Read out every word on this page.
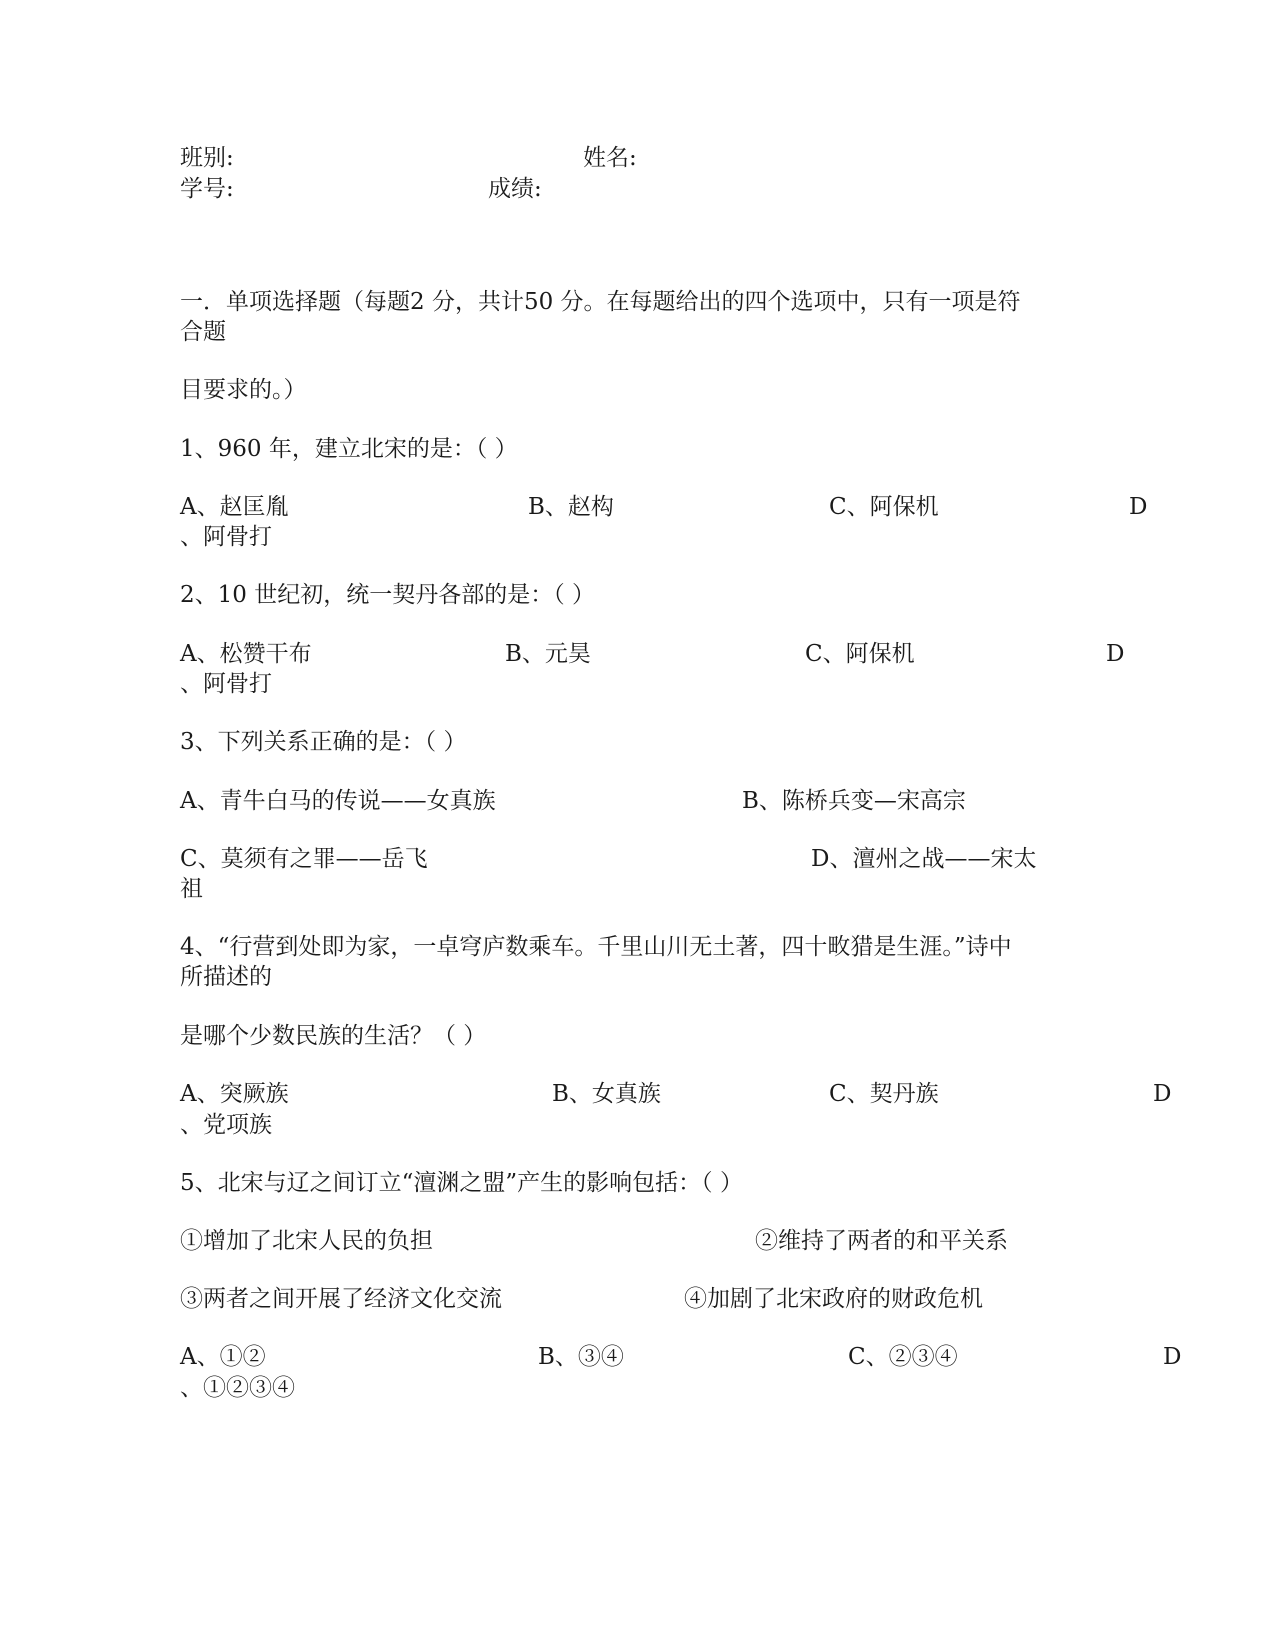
班别:	姓名:
学号:	成绩:
一．单项选择题（每题2 分，共计50 分。在每题给出的四个选项中，只有一项是符
合题
目要求的。）
1、960 年，建立北宋的是：（ ）
A、赵匡胤	B、赵构	C、阿保机	D
、阿骨打
2、10 世纪初，统一契丹各部的是：（ ）
A、松赞干布	B、元昊	C、阿保机	D
、阿骨打
3、下列关系正确的是：（ ）
A、青牛白马的传说——女真族	B、陈桥兵变—宋高宗
C、莫须有之罪——岳飞	D、澶州之战——宋太
祖
4、“行营到处即为家，一卓穹庐数乘车。千里山川无土著，四十畋猎是生涯。”诗中
所描述的
是哪个少数民族的生活？（ ）
A、突厥族	B、女真族	C、契丹族	D
、党项族
5、北宋与辽之间订立“澶渊之盟”产生的影响包括：（ ）
①增加了北宋人民的负担	②维持了两者的和平关系
③两者之间开展了经济文化交流	④加剧了北宋政府的财政危机
A、①②	B、③④	C、②③④	D
、①②③④
